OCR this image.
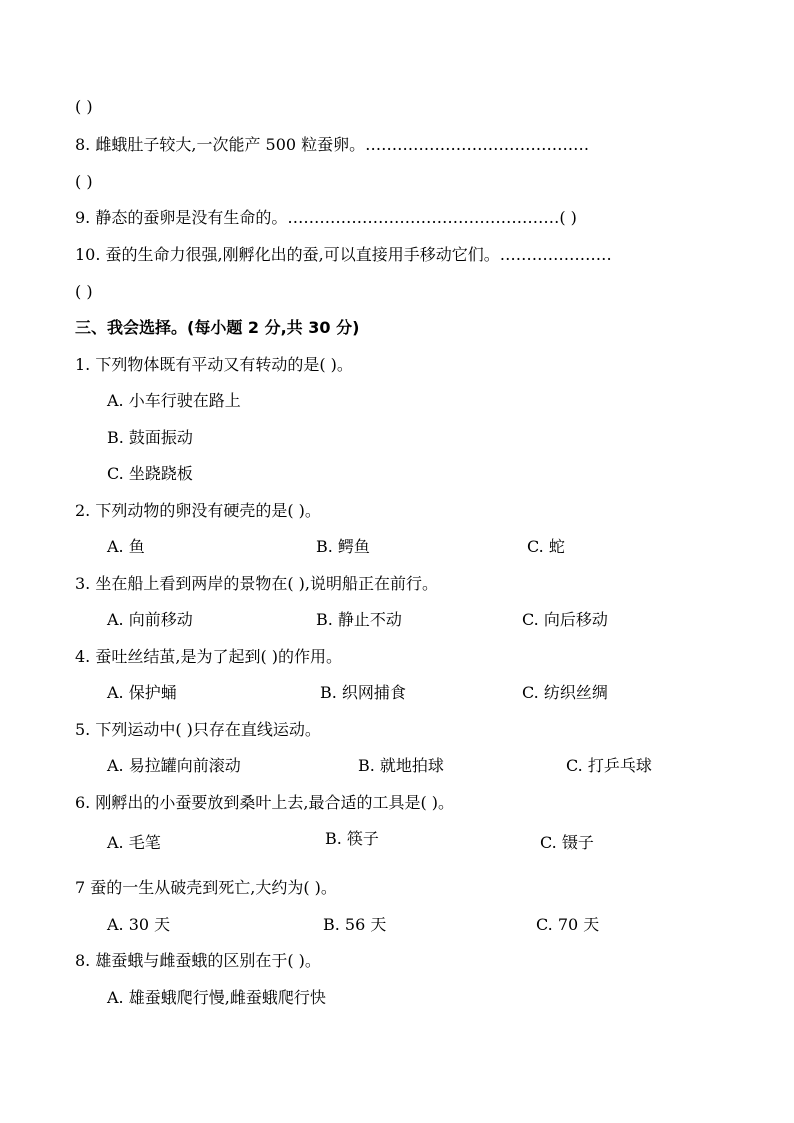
( )
8. 雌蛾肚子较大,一次能产 500 粒蚕卵。……………………………………
( )
9. 静态的蚕卵是没有生命的。……………………………………………( )
10. 蚕的生命力很强,刚孵化出的蚕,可以直接用手移动它们。…………………
( )
三、我会选择。(每小题 2 分,共 30 分)
1. 下列物体既有平动又有转动的是( )。
A. 小车行驶在路上
B. 鼓面振动
C. 坐跷跷板
2. 下列动物的卵没有硬壳的是( )。
A. 鱼	B. 鳄鱼	C. 蛇
3. 坐在船上看到两岸的景物在( ),说明船正在前行。
A. 向前移动	B. 静止不动	C. 向后移动
4. 蚕吐丝结茧,是为了起到( )的作用。
A. 保护蛹	B. 织网捕食	C. 纺织丝绸
5. 下列运动中( )只存在直线运动。
A. 易拉罐向前滚动	B. 就地拍球	C. 打乒乓球
6. 刚孵出的小蚕要放到桑叶上去,最合适的工具是( )。
A. 毛笔	B. 筷子	C. 镊子
7 蚕的一生从破壳到死亡,大约为( )。
A. 30 天	B. 56 天	C. 70 天
8. 雄蚕蛾与雌蚕蛾的区别在于( )。
A. 雄蚕蛾爬行慢,雌蚕蛾爬行快
